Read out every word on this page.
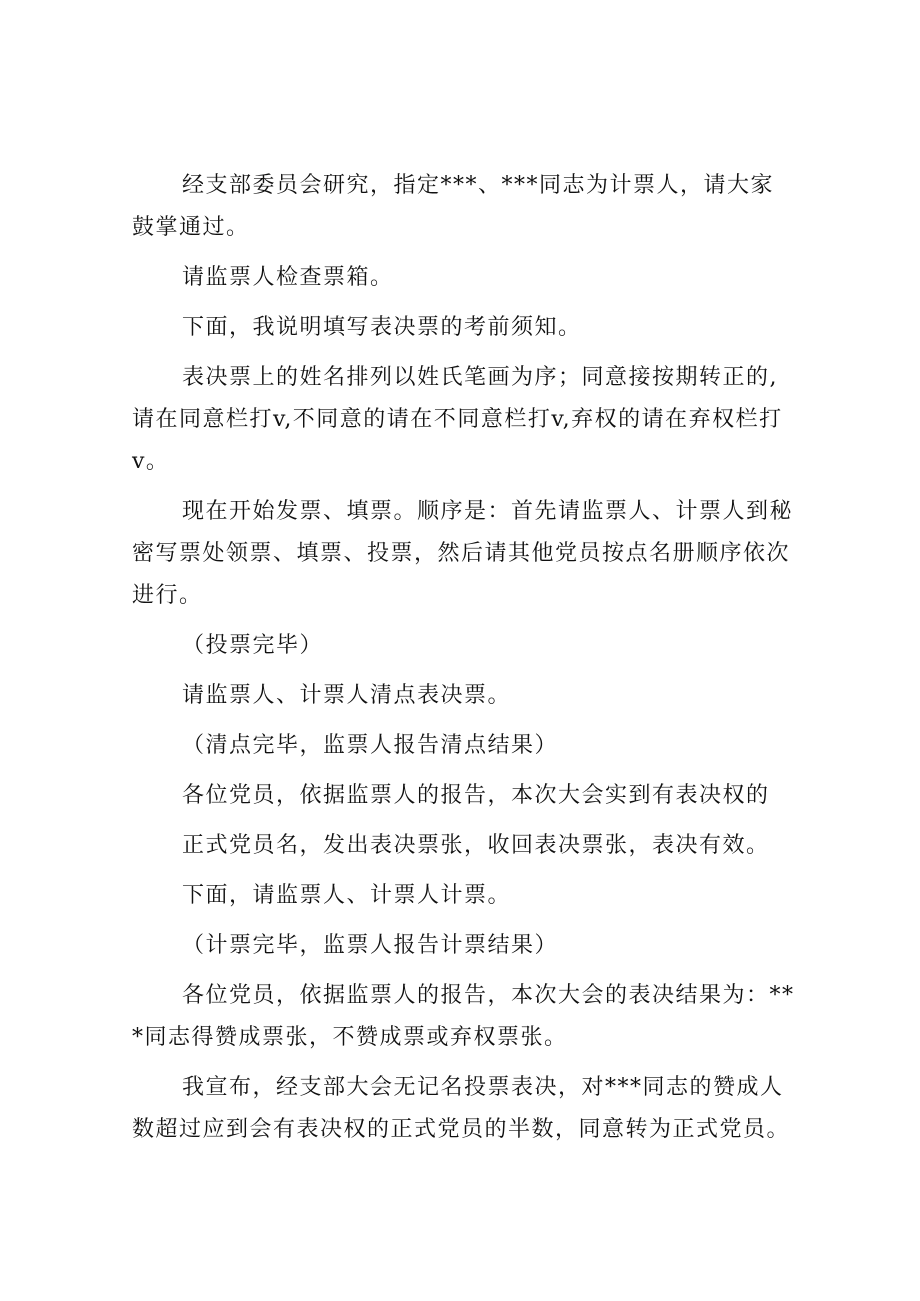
经支部委员会研究，指定***、***同志为计票人，请大家鼓掌通过。

请监票人检查票箱。

下面，我说明填写表决票的考前须知。

表决票上的姓名排列以姓氏笔画为序；同意接按期转正的,请在同意栏打v,不同意的请在不同意栏打v,弃权的请在弃权栏打v。

现在开始发票、填票。顺序是：首先请监票人、计票人到秘密写票处领票、填票、投票，然后请其他党员按点名册顺序依次进行。

（投票完毕）

请监票人、计票人清点表决票。

（清点完毕，监票人报告清点结果）

各位党员，依据监票人的报告，本次大会实到有表决权的

正式党员名，发出表决票张，收回表决票张，表决有效。

下面，请监票人、计票人计票。

（计票完毕，监票人报告计票结果）

各位党员，依据监票人的报告，本次大会的表决结果为：***同志得赞成票张，不赞成票或弃权票张。

我宣布，经支部大会无记名投票表决，对***同志的赞成人数超过应到会有表决权的正式党员的半数，同意转为正式党员。
